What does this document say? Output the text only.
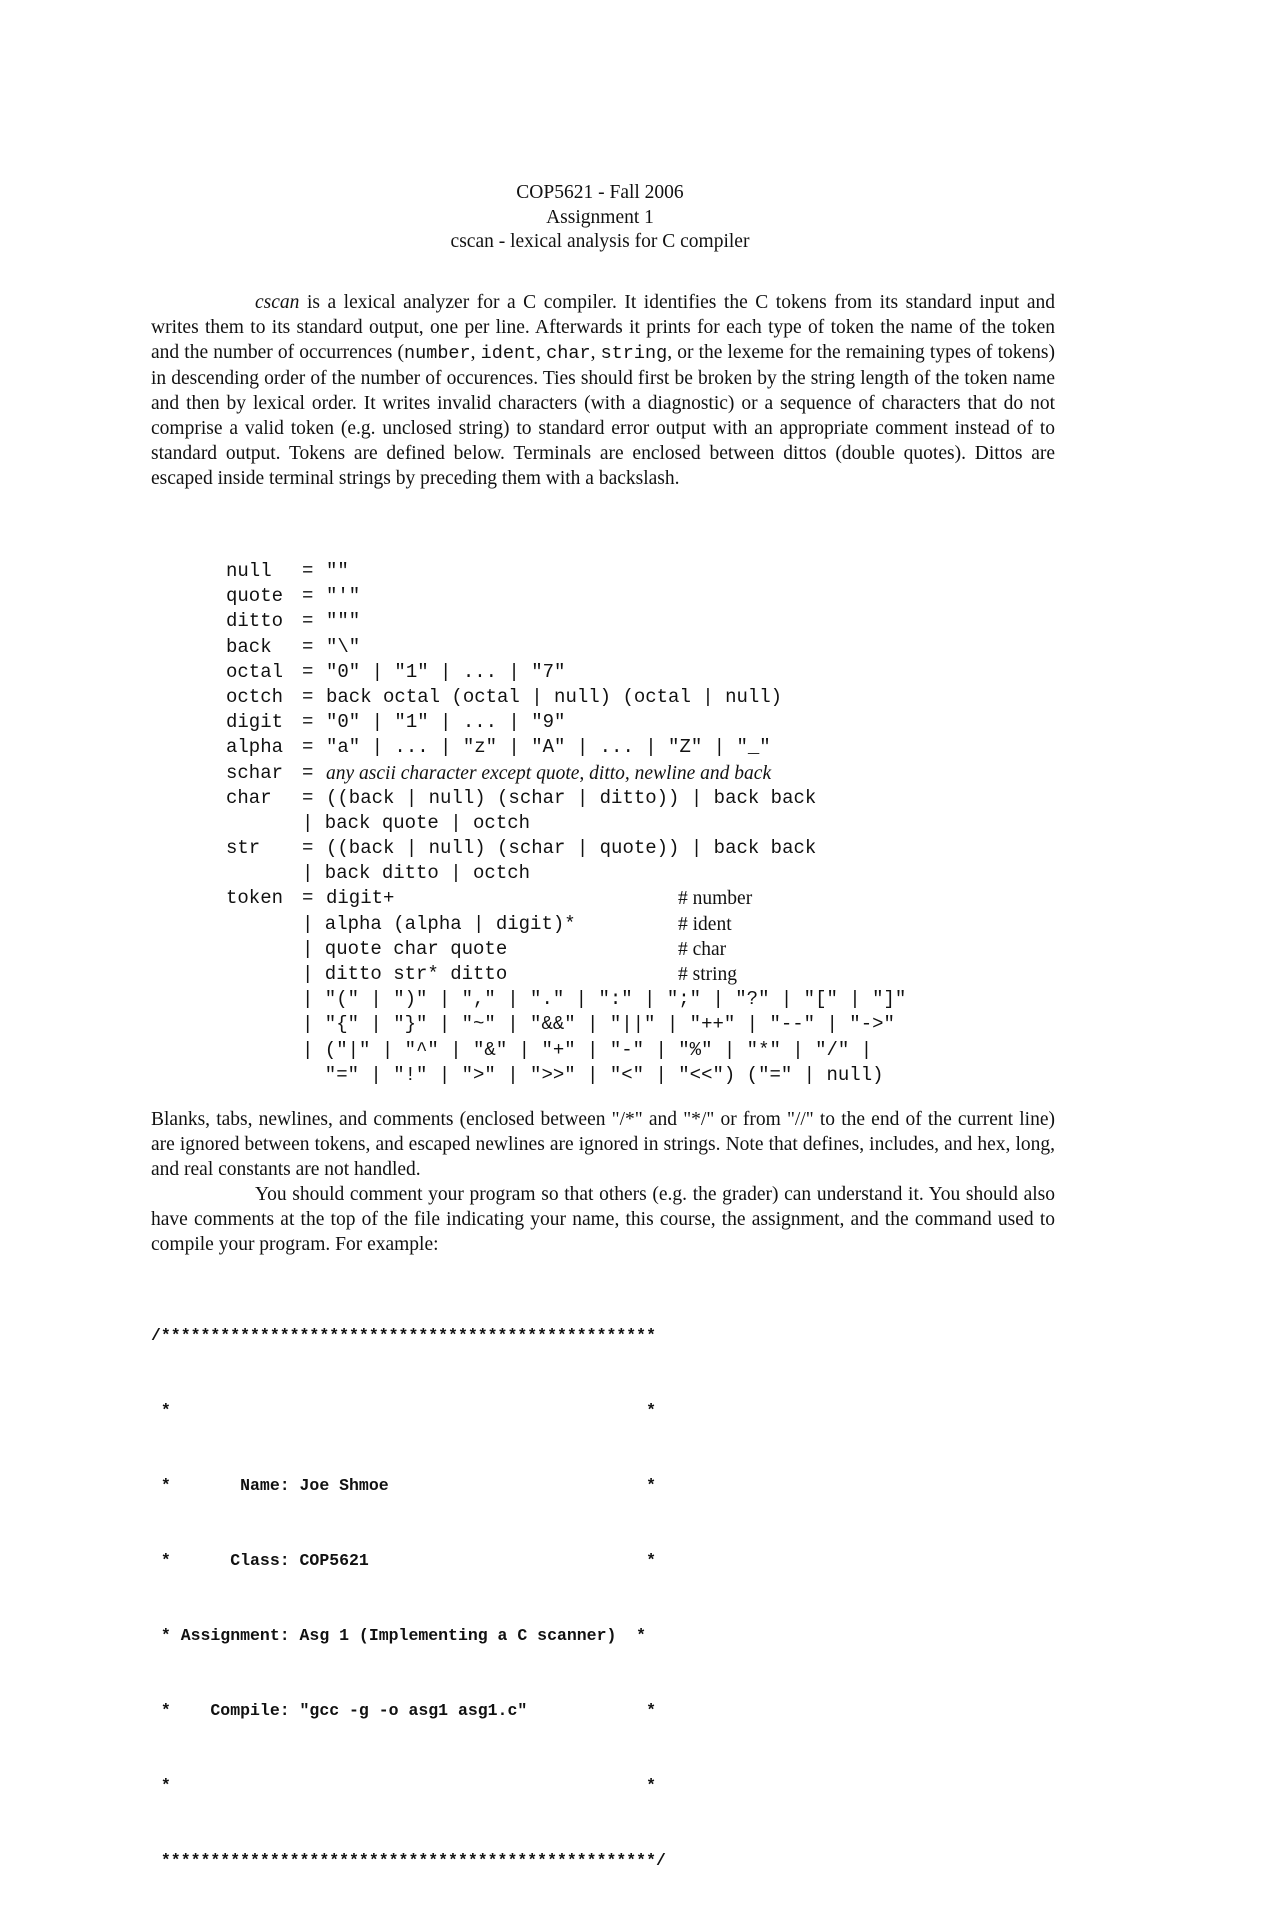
COP5621 - Fall 2006
Assignment 1
cscan - lexical analysis for C compiler

cscan is a lexical analyzer for a C compiler. It identifies the C tokens from its standard input and writes them to its standard output, one per line. Afterwards it prints for each type of token the name of the token and the number of occurrences (number, ident, char, string, or the lexeme for the remaining types of tokens) in descending order of the number of occurences. Ties should first be broken by the string length of the token name and then by lexical order. It writes invalid characters (with a diagnostic) or a sequence of characters that do not comprise a valid token (e.g. unclosed string) to standard error output with an appropriate comment instead of to standard output. Tokens are defined below. Terminals are enclosed between dittos (double quotes). Dittos are escaped inside terminal strings by preceding them with a backslash.

null = ""
quote = "'"
ditto = """
back = "\"
octal = "0" | "1" | ... | "7"
octch = back octal (octal | null) (octal | null)
digit = "0" | "1" | ... | "9"
alpha = "a" | ... | "z" | "A" | ... | "Z" | "_"
schar = any ascii character except quote, ditto, newline and back
char = ((back | null) (schar | ditto)) | back back
| back quote | octch
str = ((back | null) (schar | quote)) | back back
| back ditto | octch
token = digit+	# number
| alpha (alpha | digit)*	# ident
| quote char quote	# char
| ditto str* ditto	# string
| "(" | ")" | "," | "." | ":" | ";" | "?" | "[" | "]"
| "{" | "}" | "~" | "&&" | "||" | "++" | "--" | "->"
| ("|" | "^" | "&" | "+" | "-" | "%" | "*" | "/" |
"=" | "!" | ">" | ">>" | "<" | "<<") ("=" | null)

Blanks, tabs, newlines, and comments (enclosed between "/*" and "*/" or from "//" to the end of the current line) are ignored between tokens, and escaped newlines are ignored in strings. Note that defines, includes, and hex, long, and real constants are not handled.

You should comment your program so that others (e.g. the grader) can understand it. You should also have comments at the top of the file indicating your name, this course, the assignment, and the command used to compile your program. For example:

/**************************************************

*                                                *

*       Name: Joe Shmoe                          *

*      Class: COP5621                            *

* Assignment: Asg 1 (Implementing a C scanner)  *

*    Compile: "gcc -g -o asg1 asg1.c"            *

*                                                *

**************************************************/
